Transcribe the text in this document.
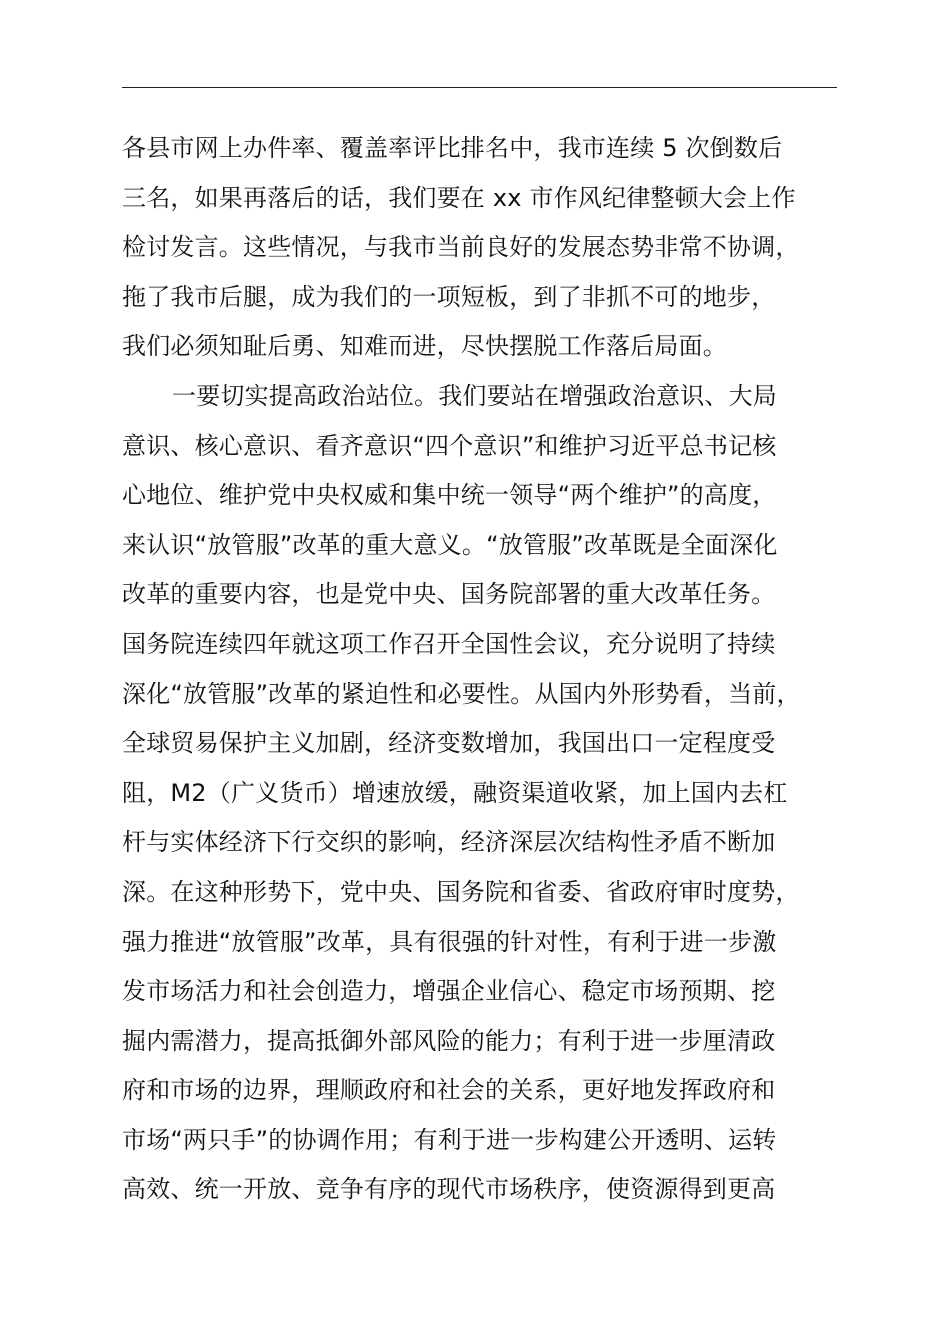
各县市网上办件率、覆盖率评比排名中，我市连续 5 次倒数后
三名，如果再落后的话，我们要在 xx 市作风纪律整顿大会上作
检讨发言。这些情况，与我市当前良好的发展态势非常不协调，
拖了我市后腿，成为我们的一项短板，到了非抓不可的地步，
我们必须知耻后勇、知难而进，尽快摆脱工作落后局面。
一要切实提高政治站位。我们要站在增强政治意识、大局
意识、核心意识、看齐意识“四个意识”和维护习近平总书记核
心地位、维护党中央权威和集中统一领导“两个维护”的高度，
来认识“放管服”改革的重大意义。“放管服”改革既是全面深化
改革的重要内容，也是党中央、国务院部署的重大改革任务。
国务院连续四年就这项工作召开全国性会议，充分说明了持续
深化“放管服”改革的紧迫性和必要性。从国内外形势看，当前，
全球贸易保护主义加剧，经济变数增加，我国出口一定程度受
阻，M2（广义货币）增速放缓，融资渠道收紧，加上国内去杠
杆与实体经济下行交织的影响，经济深层次结构性矛盾不断加
深。在这种形势下，党中央、国务院和省委、省政府审时度势，
强力推进“放管服”改革，具有很强的针对性，有利于进一步激
发市场活力和社会创造力，增强企业信心、稳定市场预期、挖
掘内需潜力，提高抵御外部风险的能力；有利于进一步厘清政
府和市场的边界，理顺政府和社会的关系，更好地发挥政府和
市场“两只手”的协调作用；有利于进一步构建公开透明、运转
高效、统一开放、竞争有序的现代市场秩序，使资源得到更高
